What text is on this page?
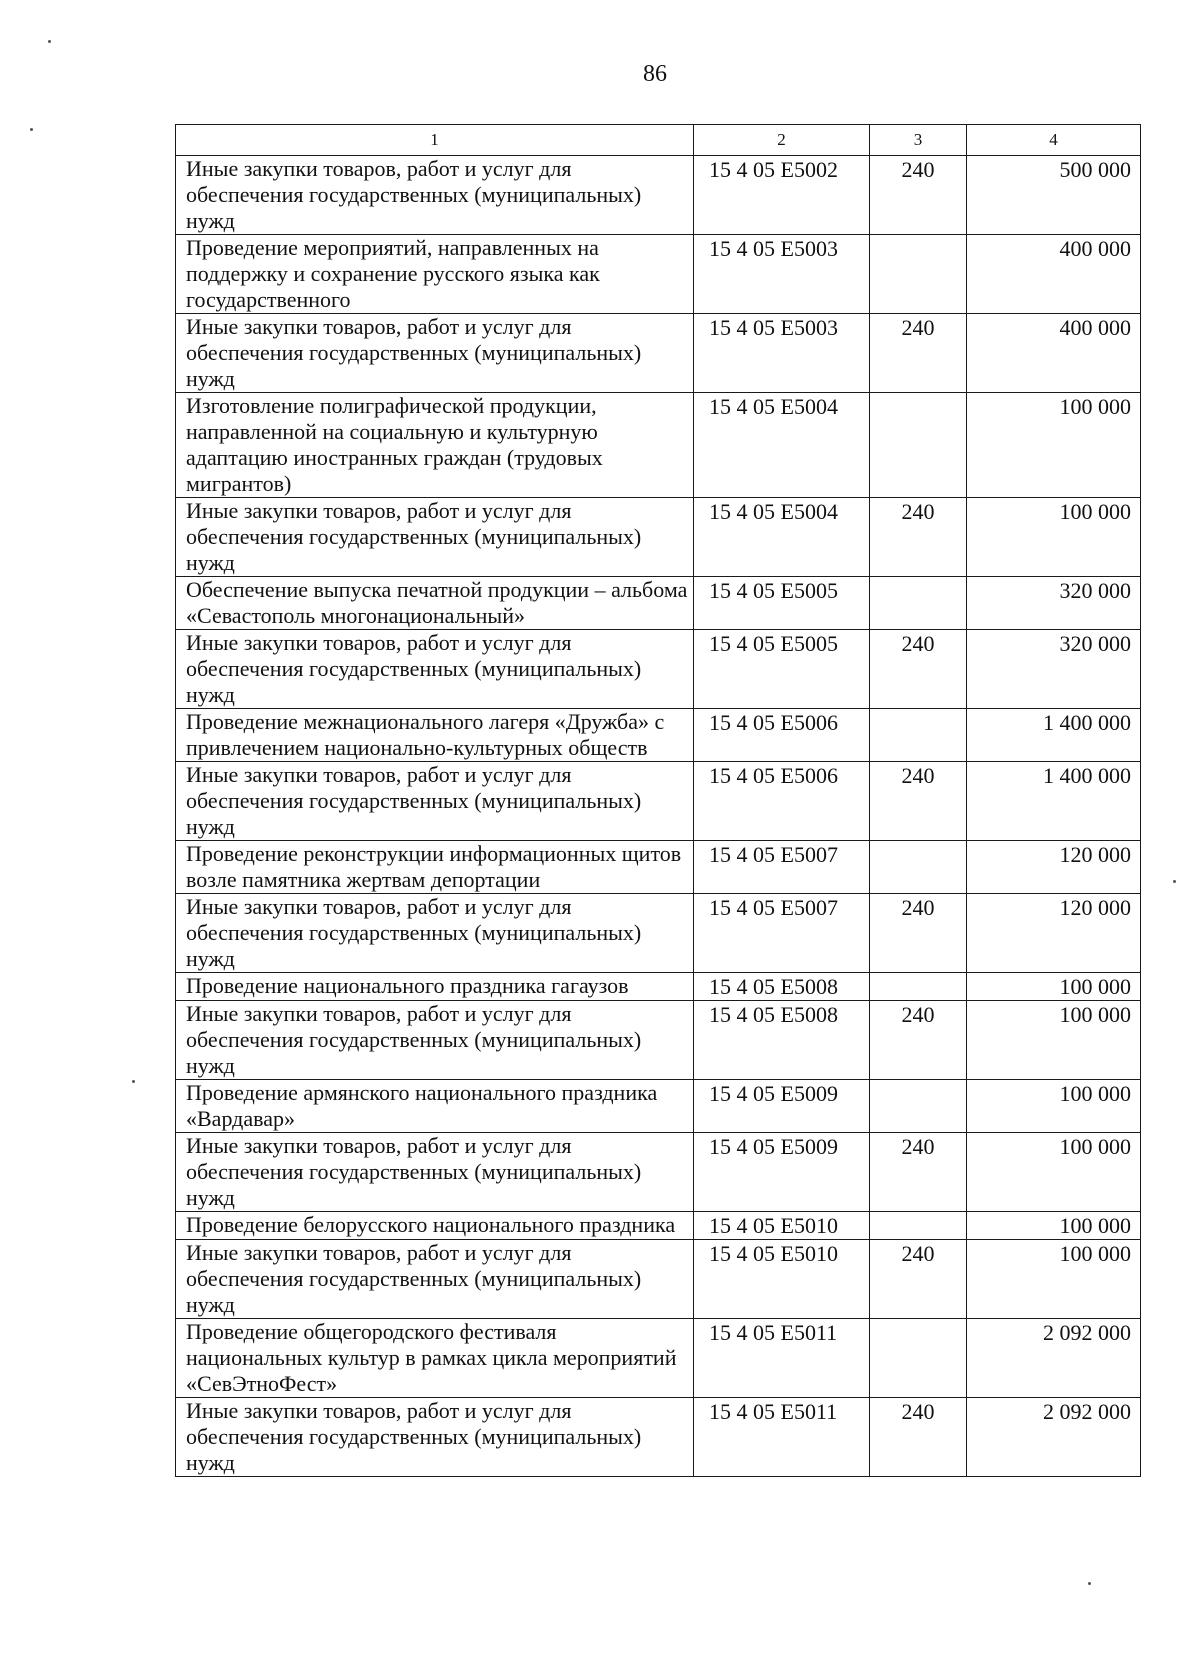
86
1	2	3	4
Иные закупки товаров, работ и услуг для обеспечения государственных (муниципальных) нужд	15 4 05 Е5002	240	500 000
Проведение мероприятий, направленных на поддержку и сохранение русского языка как государственного	15 4 05 Е5003		400 000
Иные закупки товаров, работ и услуг для обеспечения государственных (муниципальных) нужд	15 4 05 Е5003	240	400 000
Изготовление полиграфической продукции, направленной на социальную и культурную адаптацию иностранных граждан (трудовых мигрантов)	15 4 05 Е5004		100 000
Иные закупки товаров, работ и услуг для обеспечения государственных (муниципальных) нужд	15 4 05 Е5004	240	100 000
Обеспечение выпуска печатной продукции – альбома «Севастополь многонациональный»	15 4 05 Е5005		320 000
Иные закупки товаров, работ и услуг для обеспечения государственных (муниципальных) нужд	15 4 05 Е5005	240	320 000
Проведение межнационального лагеря «Дружба» с привлечением национально-культурных обществ	15 4 05 Е5006		1 400 000
Иные закупки товаров, работ и услуг для обеспечения государственных (муниципальных) нужд	15 4 05 Е5006	240	1 400 000
Проведение реконструкции информационных щитов возле памятника жертвам депортации	15 4 05 Е5007		120 000
Иные закупки товаров, работ и услуг для обеспечения государственных (муниципальных) нужд	15 4 05 Е5007	240	120 000
Проведение национального праздника гагаузов	15 4 05 Е5008		100 000
Иные закупки товаров, работ и услуг для обеспечения государственных (муниципальных) нужд	15 4 05 Е5008	240	100 000
Проведение армянского национального праздника «Вардавар»	15 4 05 Е5009		100 000
Иные закупки товаров, работ и услуг для обеспечения государственных (муниципальных) нужд	15 4 05 Е5009	240	100 000
Проведение белорусского национального праздника	15 4 05 Е5010		100 000
Иные закупки товаров, работ и услуг для обеспечения государственных (муниципальных) нужд	15 4 05 Е5010	240	100 000
Проведение общегородского фестиваля национальных культур в рамках цикла мероприятий «СевЭтноФест»	15 4 05 Е5011		2 092 000
Иные закупки товаров, работ и услуг для обеспечения государственных (муниципальных) нужд	15 4 05 Е5011	240	2 092 000
